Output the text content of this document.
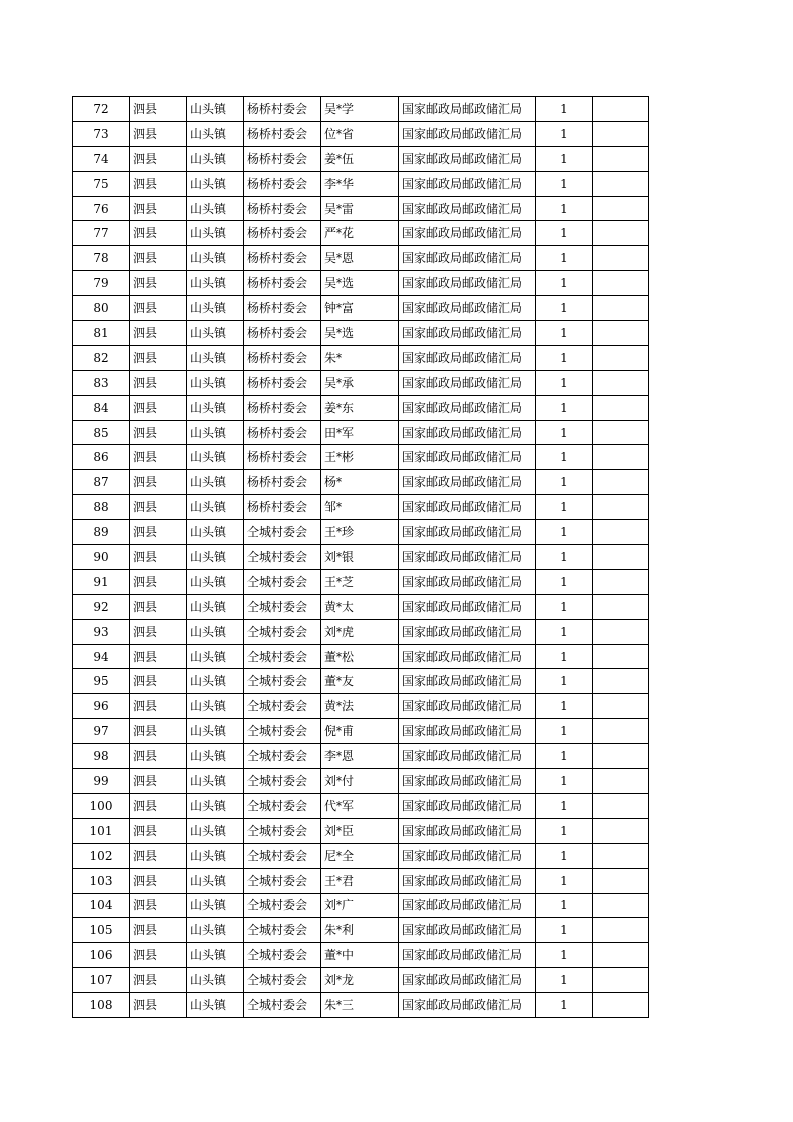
72	泗县	山头镇	杨桥村委会	吴*学	国家邮政局邮政储汇局	1	
73	泗县	山头镇	杨桥村委会	位*省	国家邮政局邮政储汇局	1	
74	泗县	山头镇	杨桥村委会	姜*伍	国家邮政局邮政储汇局	1	
75	泗县	山头镇	杨桥村委会	李*华	国家邮政局邮政储汇局	1	
76	泗县	山头镇	杨桥村委会	吴*雷	国家邮政局邮政储汇局	1	
77	泗县	山头镇	杨桥村委会	严*花	国家邮政局邮政储汇局	1	
78	泗县	山头镇	杨桥村委会	吴*恩	国家邮政局邮政储汇局	1	
79	泗县	山头镇	杨桥村委会	吴*选	国家邮政局邮政储汇局	1	
80	泗县	山头镇	杨桥村委会	钟*富	国家邮政局邮政储汇局	1	
81	泗县	山头镇	杨桥村委会	吴*选	国家邮政局邮政储汇局	1	
82	泗县	山头镇	杨桥村委会	朱*	国家邮政局邮政储汇局	1	
83	泗县	山头镇	杨桥村委会	吴*承	国家邮政局邮政储汇局	1	
84	泗县	山头镇	杨桥村委会	姜*东	国家邮政局邮政储汇局	1	
85	泗县	山头镇	杨桥村委会	田*军	国家邮政局邮政储汇局	1	
86	泗县	山头镇	杨桥村委会	王*彬	国家邮政局邮政储汇局	1	
87	泗县	山头镇	杨桥村委会	杨*	国家邮政局邮政储汇局	1	
88	泗县	山头镇	杨桥村委会	邹*	国家邮政局邮政储汇局	1	
89	泗县	山头镇	仝城村委会	王*珍	国家邮政局邮政储汇局	1	
90	泗县	山头镇	仝城村委会	刘*银	国家邮政局邮政储汇局	1	
91	泗县	山头镇	仝城村委会	王*芝	国家邮政局邮政储汇局	1	
92	泗县	山头镇	仝城村委会	黄*太	国家邮政局邮政储汇局	1	
93	泗县	山头镇	仝城村委会	刘*虎	国家邮政局邮政储汇局	1	
94	泗县	山头镇	仝城村委会	董*松	国家邮政局邮政储汇局	1	
95	泗县	山头镇	仝城村委会	董*友	国家邮政局邮政储汇局	1	
96	泗县	山头镇	仝城村委会	黄*法	国家邮政局邮政储汇局	1	
97	泗县	山头镇	仝城村委会	倪*甫	国家邮政局邮政储汇局	1	
98	泗县	山头镇	仝城村委会	李*恩	国家邮政局邮政储汇局	1	
99	泗县	山头镇	仝城村委会	刘*付	国家邮政局邮政储汇局	1	
100	泗县	山头镇	仝城村委会	代*军	国家邮政局邮政储汇局	1	
101	泗县	山头镇	仝城村委会	刘*臣	国家邮政局邮政储汇局	1	
102	泗县	山头镇	仝城村委会	尼*全	国家邮政局邮政储汇局	1	
103	泗县	山头镇	仝城村委会	王*君	国家邮政局邮政储汇局	1	
104	泗县	山头镇	仝城村委会	刘*广	国家邮政局邮政储汇局	1	
105	泗县	山头镇	仝城村委会	朱*利	国家邮政局邮政储汇局	1	
106	泗县	山头镇	仝城村委会	董*中	国家邮政局邮政储汇局	1	
107	泗县	山头镇	仝城村委会	刘*龙	国家邮政局邮政储汇局	1	
108	泗县	山头镇	仝城村委会	朱*三	国家邮政局邮政储汇局	1	
